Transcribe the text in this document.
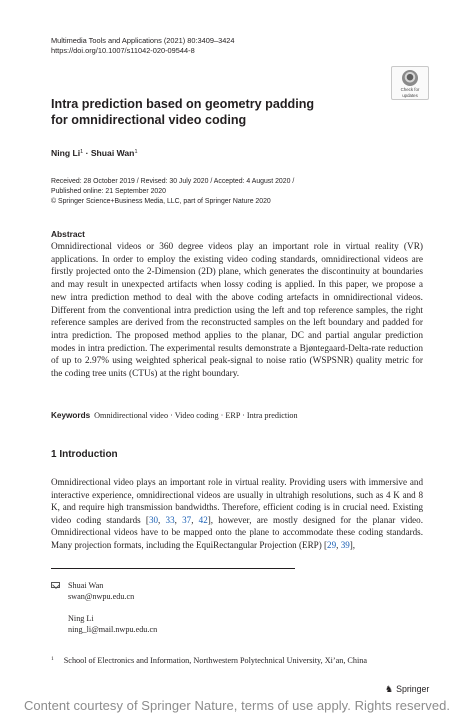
Multimedia Tools and Applications (2021) 80:3409–3424
https://doi.org/10.1007/s11042-020-09544-8
Check for
updates
Intra prediction based on geometry padding
for omnidirectional video coding
Ning $Li^1$ · Shuai Wan$^1$
Received: 28 October 2019 / Revised: 30 July 2020 / Accepted: 4 August 2020 /
Published online: 21 September 2020
© Springer Science+Business Media, LLC, part of Springer Nature 2020
Abstract
Omnidirectional videos or 360 degree videos play an important role in virtual reality (VR) applications. In order to employ the existing video coding standards, omnidirectional videos are firstly projected onto the 2-Dimension (2D) plane, which generates the discontinuity at boundaries and may result in unexpected artifacts when lossy coding is applied. In this paper, we propose a new intra prediction method to deal with the above coding artefacts in omnidirectional videos. Different from the conventional intra prediction using the left and top reference samples, the right reference samples are derived from the reconstructed samples on the left boundary and padded for intra prediction. The proposed method applies to the planar, DC and partial angular prediction modes in intra prediction. The experimental results demonstrate a Bjøntegaard-Delta-rate reduction of up to 2.97% using weighted spherical peak-signal to noise ratio (WSPSNR) quality metric for the coding tree units (CTUs) at the right boundary.
Keywords Omnidirectional video · Video coding · ERP · Intra prediction
1 Introduction
Omnidirectional video plays an important role in virtual reality. Providing users with immersive and interactive experience, omnidirectional videos are usually in ultrahigh resolutions, such as 4 K and 8 K, and require high transmission bandwidths. Therefore, efficient coding is in crucial need. Existing video coding standards [30, 33, 37, 42], however, are mostly designed for the planar video. Omnidirectional videos have to be mapped onto the plane to accommodate these coding standards. Many projection formats, including the EquiRectangular Projection (ERP) [29, 39],
Shuai Wan
swan@nwpu.edu.cn
Ning Li
ning_li@mail.nwpu.edu.cn
$^1$ School of Electronics and Information, Northwestern Polytechnical University, Xi’an, China
♞ Springer
Content courtesy of Springer Nature, terms of use apply. Rights reserved.
